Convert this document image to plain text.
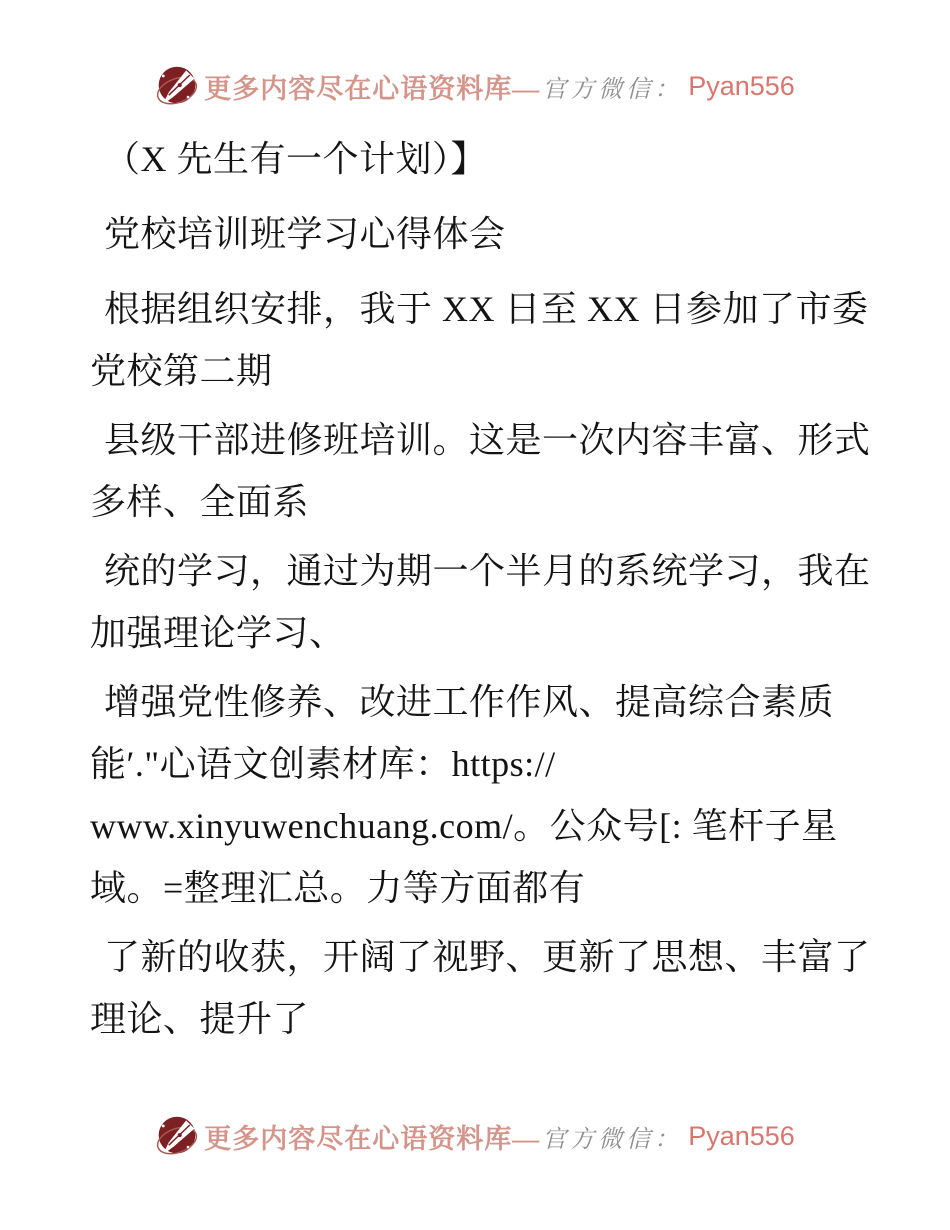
更多内容尽在心语资料库— 官方微信： Pyan556
（X 先生有一个计划）】
党校培训班学习心得体会
根据组织安排，我于 XX 日至 XX 日参加了市委
党校第二期
县级干部进修班培训。这是一次内容丰富、形式
多样、全面系
统的学习，通过为期一个半月的系统学习，我在
加强理论学习、
增强党性修养、改进工作作风、提高综合素质
能′."心语文创素材库：https://
www.xinyuwenchuang.com/。公众号[: 笔杆子星
域。=整理汇总。力等方面都有
了新的收获，开阔了视野、更新了思想、丰富了
理论、提升了
更多内容尽在心语资料库— 官方微信： Pyan556
